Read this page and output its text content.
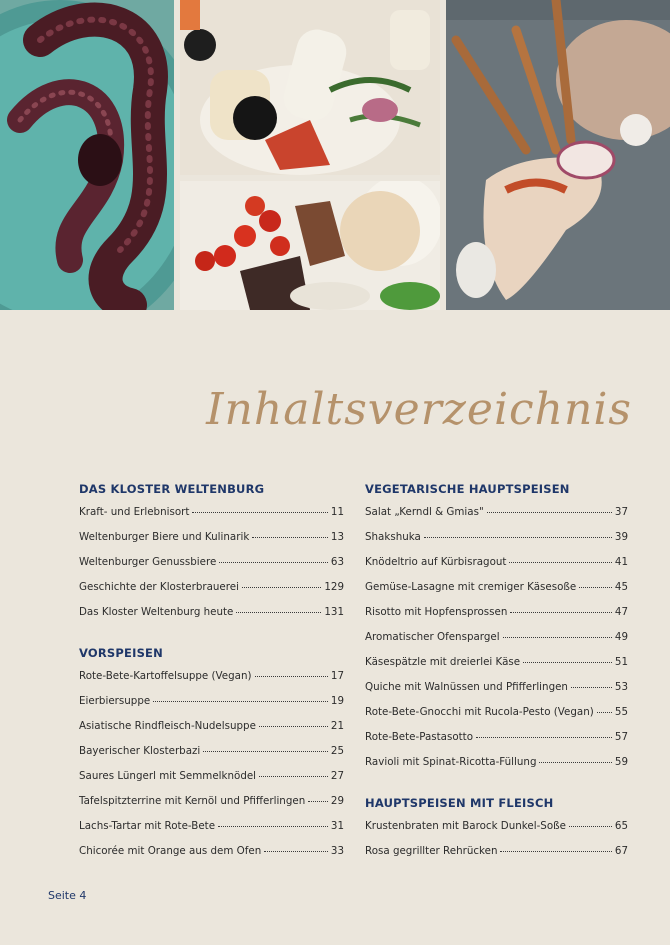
Inhaltsverzeichnis
DAS KLOSTER WELTENBURG
Kraft- und Erlebnisort	11
Weltenburger Biere und Kulinarik	13
Weltenburger Genussbiere	63
Geschichte der Klosterbrauerei	129
Das Kloster Weltenburg heute	131
VORSPEISEN
Rote-Bete-Kartoffelsuppe (Vegan)	17
Eierbiersuppe	19
Asiatische Rindfleisch-Nudelsuppe	21
Bayerischer Klosterbazi	25
Saures Lüngerl mit Semmelknödel	27
Tafelspitzterrine mit Kernöl und Pfifferlingen 29
Lachs-Tartar mit Rote-Bete	31
Chicorée mit Orange aus dem Ofen	33
VEGETARISCHE HAUPTSPEISEN
Salat „Kerndl & Gmias"	37
Shakshuka	39
Knödeltrio auf Kürbisragout	41
Gemüse-Lasagne mit cremiger Käsesoße	45
Risotto mit Hopfensprossen	47
Aromatischer Ofenspargel	49
Käsespätzle mit dreierlei Käse	51
Quiche mit Walnüssen und Pfifferlingen	53
Rote-Bete-Gnocchi mit Rucola-Pesto (Vegan) 55
Rote-Bete-Pastasotto	57
Ravioli mit Spinat-Ricotta-Füllung	59
HAUPTSPEISEN MIT FLEISCH
Krustenbraten mit Barock Dunkel-Soße	65
Rosa gegrillter Rehrücken	67
Seite 4
